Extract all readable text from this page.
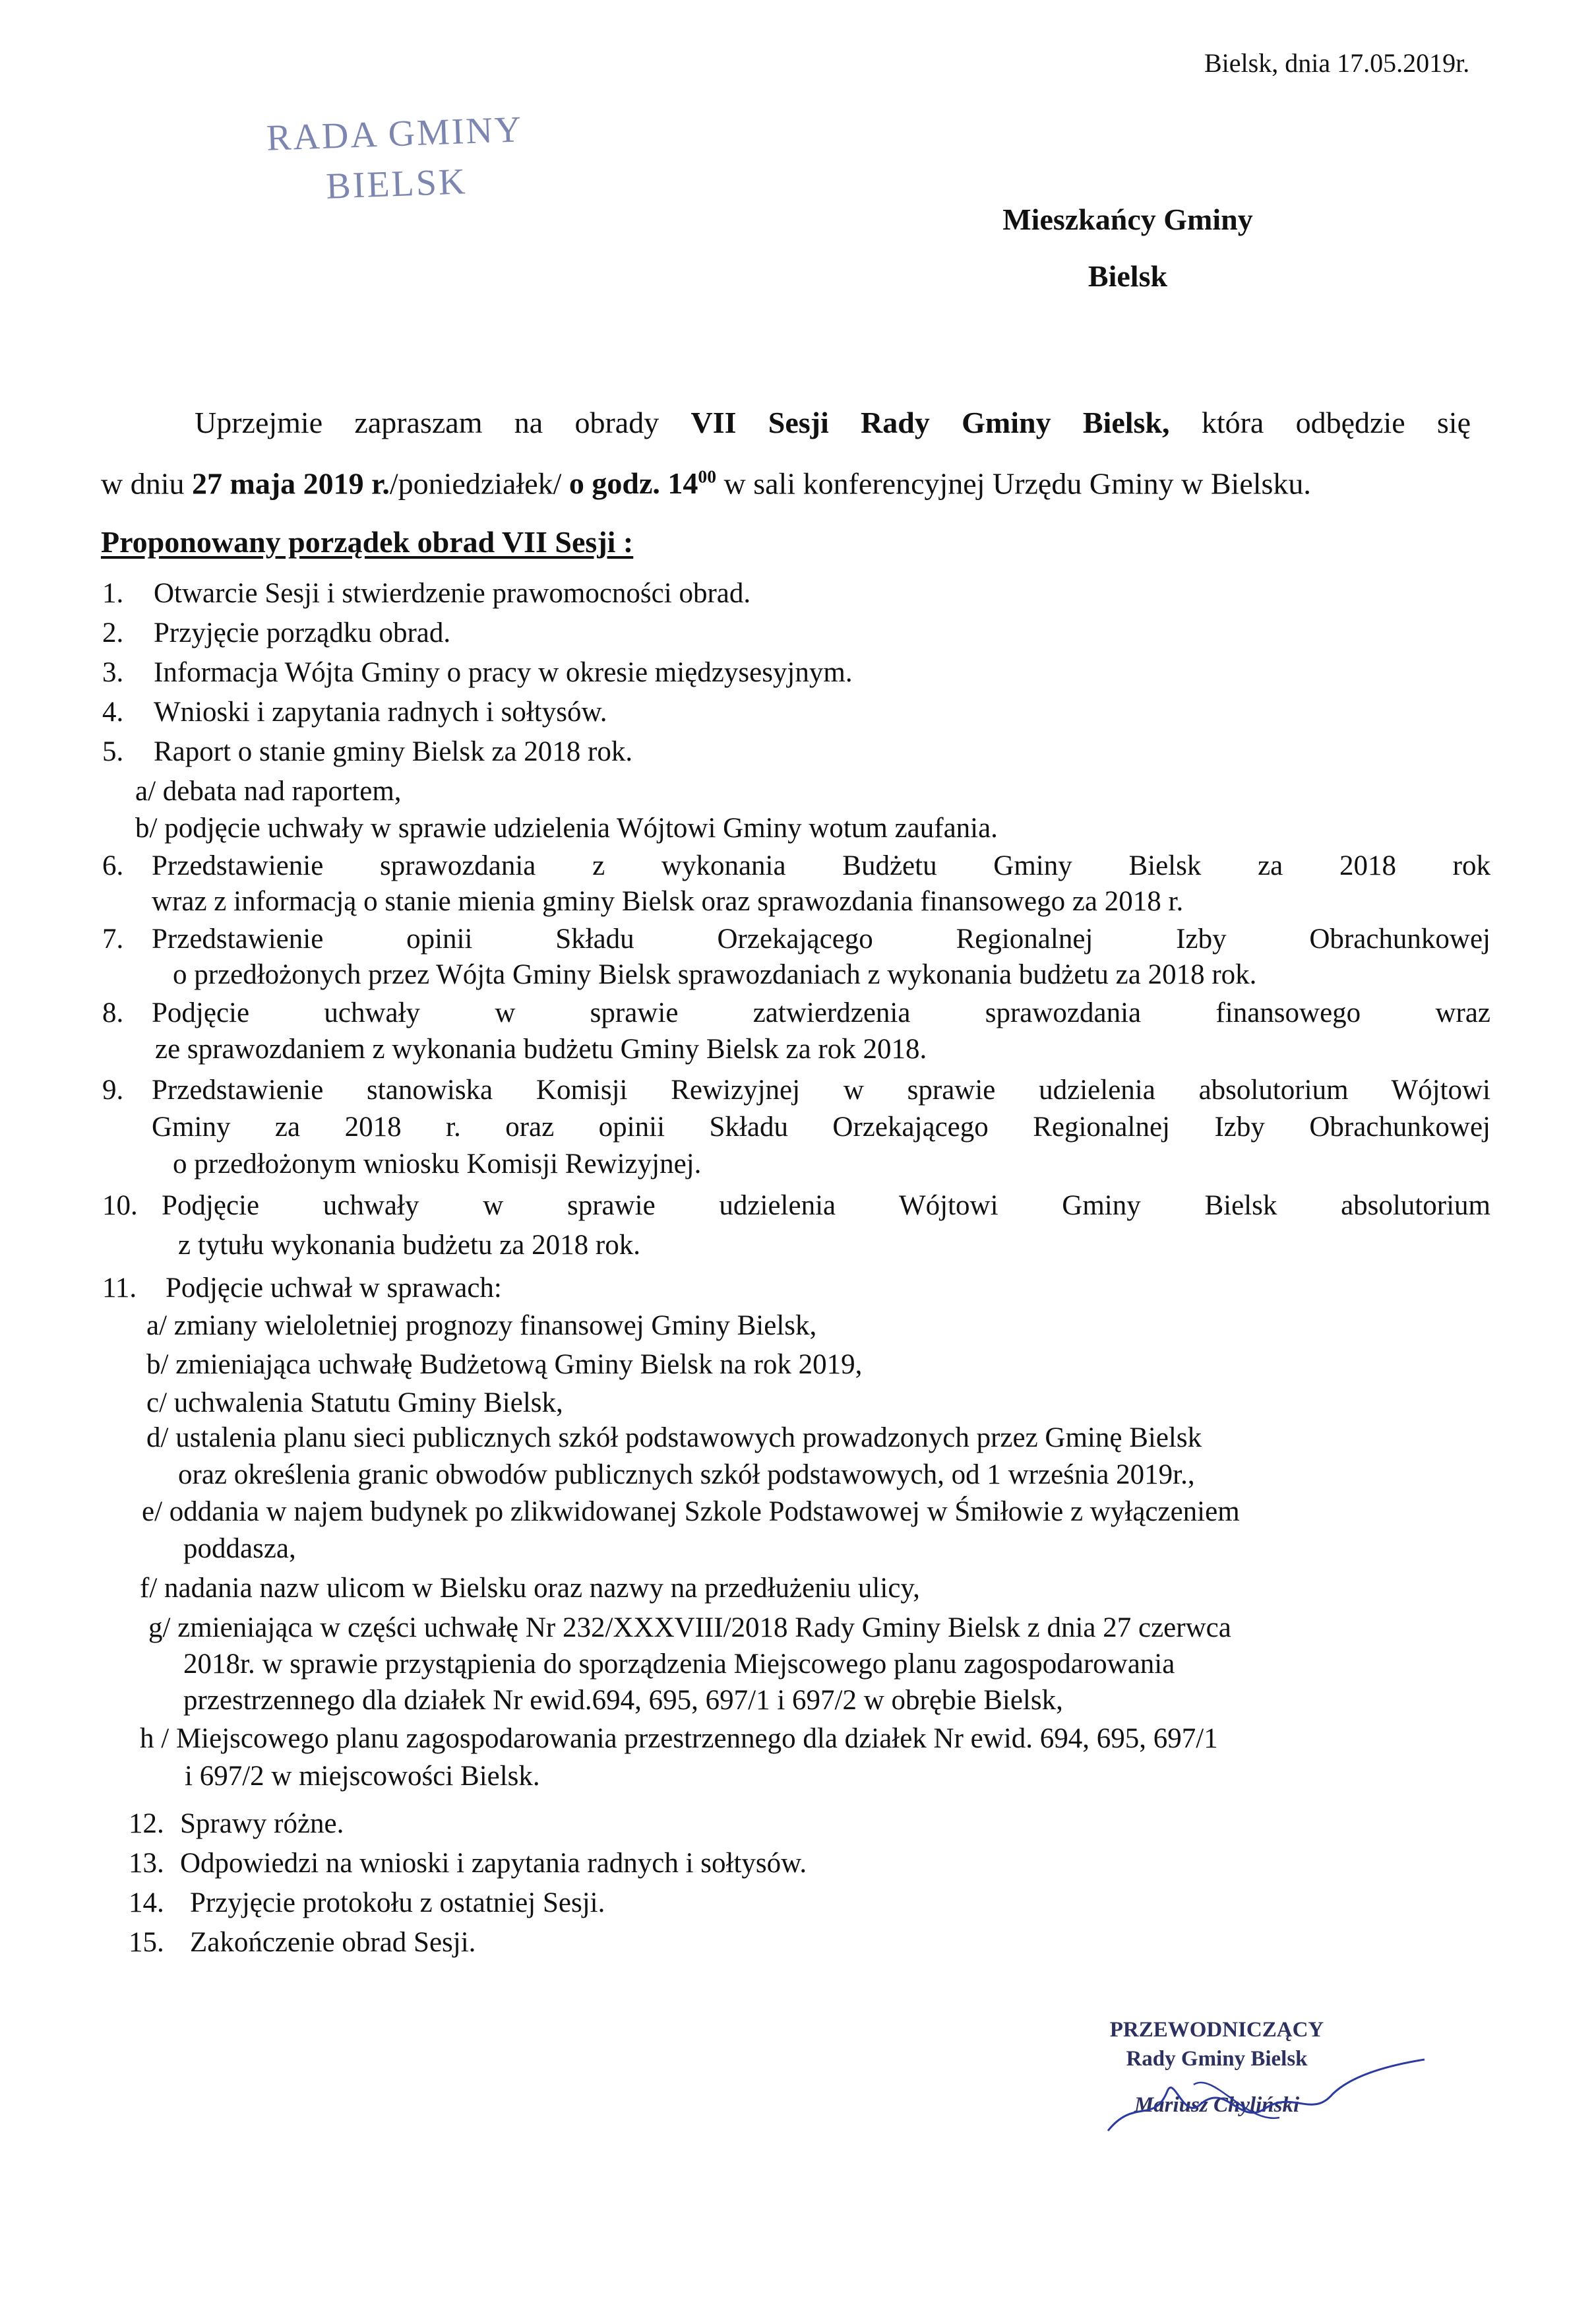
RADA GMINY
BIELSK
Bielsk, dnia 17.05.2019r.
Mieszkańcy Gminy
Bielsk
Uprzejmie zapraszam na obrady VII Sesji Rady Gminy Bielsk, która odbędzie się
w dniu 27 maja 2019 r./poniedziałek/ o godz. $14^{00}$ w sali konferencyjnej Urzędu Gminy w Bielsku.
Proponowany porządek obrad VII Sesji :
1. Otwarcie Sesji i stwierdzenie prawomocności obrad.
2. Przyjęcie porządku obrad.
3. Informacja Wójta Gminy o pracy w okresie międzysesyjnym.
4. Wnioski i zapytania radnych i sołtysów.
5. Raport o stanie gminy Bielsk za 2018 rok.
a/ debata nad raportem,
b/ podjęcie uchwały w sprawie udzielenia Wójtowi Gminy wotum zaufania.
6. Przedstawienie sprawozdania z wykonania Budżetu Gminy Bielsk za 2018 rok
wraz z informacją o stanie mienia gminy Bielsk oraz sprawozdania finansowego za 2018 r.
7. Przedstawienie opinii Składu Orzekającego Regionalnej Izby Obrachunkowej
o przedłożonych przez Wójta Gminy Bielsk sprawozdaniach z wykonania budżetu za 2018 rok.
8. Podjęcie uchwały w sprawie zatwierdzenia sprawozdania finansowego wraz
ze sprawozdaniem z wykonania budżetu Gminy Bielsk za rok 2018.
9. Przedstawienie stanowiska Komisji Rewizyjnej w sprawie udzielenia absolutorium Wójtowi
Gminy za 2018 r. oraz opinii Składu Orzekającego Regionalnej Izby Obrachunkowej
o przedłożonym wniosku Komisji Rewizyjnej.
10. Podjęcie uchwały w sprawie udzielenia Wójtowi Gminy Bielsk absolutorium
z tytułu wykonania budżetu za 2018 rok.
11. Podjęcie uchwał w sprawach:
a/ zmiany wieloletniej prognozy finansowej Gminy Bielsk,
b/ zmieniająca uchwałę Budżetową Gminy Bielsk na rok 2019,
c/ uchwalenia Statutu Gminy Bielsk,
d/ ustalenia planu sieci publicznych szkół podstawowych prowadzonych przez Gminę Bielsk
oraz określenia granic obwodów publicznych szkół podstawowych, od 1 września 2019r.,
e/ oddania w najem budynek po zlikwidowanej Szkole Podstawowej w Śmiłowie z wyłączeniem
poddasza,
f/ nadania nazw ulicom w Bielsku oraz nazwy na przedłużeniu ulicy,
g/ zmieniająca w części uchwałę Nr 232/XXXVIII/2018 Rady Gminy Bielsk z dnia 27 czerwca
2018r. w sprawie przystąpienia do sporządzenia Miejscowego planu zagospodarowania
przestrzennego dla działek Nr ewid.694, 695, 697/1 i 697/2 w obrębie Bielsk,
h / Miejscowego planu zagospodarowania przestrzennego dla działek Nr ewid. 694, 695, 697/1
i 697/2 w miejscowości Bielsk.
12. Sprawy różne.
13. Odpowiedzi na wnioski i zapytania radnych i sołtysów.
14. Przyjęcie protokołu z ostatniej Sesji.
15. Zakończenie obrad Sesji.
PRZEWODNICZĄCY
Rady Gminy Bielsk
Mariusz Chyliński
